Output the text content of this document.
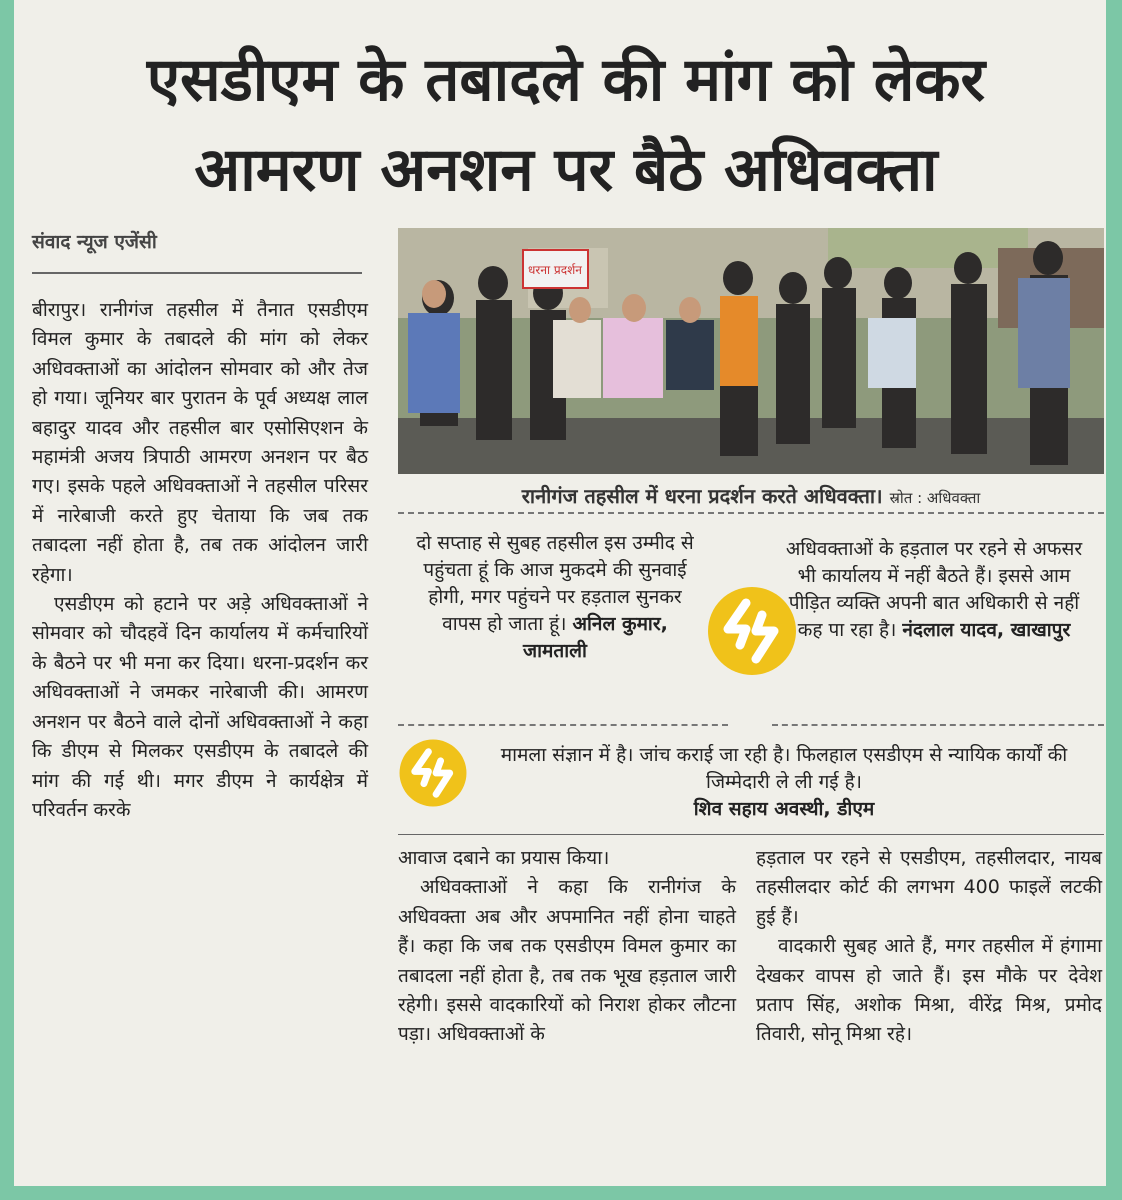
एसडीएम के तबादले की मांग को लेकर
आमरण अनशन पर बैठे अधिवक्ता
संवाद न्यूज एजेंसी

बीरापुर। रानीगंज तहसील में तैनात एसडीएम विमल कुमार के तबादले की मांग को लेकर अधिवक्ताओं का आंदोलन सोमवार को और तेज हो गया। जूनियर बार पुरातन के पूर्व अध्यक्ष लाल बहादुर यादव और तहसील बार एसोसिएशन के महामंत्री अजय त्रिपाठी आमरण अनशन पर बैठ गए। इसके पहले अधिवक्ताओं ने तहसील परिसर में नारेबाजी करते हुए चेताया कि जब तक तबादला नहीं होता है, तब तक आंदोलन जारी रहेगा।

एसडीएम को हटाने पर अड़े अधिवक्ताओं ने सोमवार को चौदहवें दिन कार्यालय में कर्मचारियों के बैठने पर भी मना कर दिया। धरना-प्रदर्शन कर अधिवक्ताओं ने जमकर नारेबाजी की। आमरण अनशन पर बैठने वाले दोनों अधिवक्ताओं ने कहा कि डीएम से मिलकर एसडीएम के तबादले की मांग की गई थी। मगर डीएम ने कार्यक्षेत्र में परिवर्तन करके

धरना प्रदर्शन
रानीगंज तहसील में धरना प्रदर्शन करते अधिवक्ता। स्रोत : अधिवक्ता
दो सप्ताह से सुबह तहसील इस उम्मीद से पहुंचता हूं कि आज मुकदमे की सुनवाई होगी, मगर पहुंचने पर हड़ताल सुनकर वापस हो जाता हूं। अनिल कुमार, जामताली
अधिवक्ताओं के हड़ताल पर रहने से अफसर भी कार्यालय में नहीं बैठते हैं। इससे आम पीड़ित व्यक्ति अपनी बात अधिकारी से नहीं कह पा रहा है। नंदलाल यादव, खाखापुर
मामला संज्ञान में है। जांच कराई जा रही है। फिलहाल एसडीएम से न्यायिक कार्यों की जिम्मेदारी ले ली गई है।
शिव सहाय अवस्थी, डीएम

आवाज दबाने का प्रयास किया।

अधिवक्ताओं ने कहा कि रानीगंज के अधिवक्ता अब और अपमानित नहीं होना चाहते हैं। कहा कि जब तक एसडीएम विमल कुमार का तबादला नहीं होता है, तब तक भूख हड़ताल जारी रहेगी। इससे वादकारियों को निराश होकर लौटना पड़ा। अधिवक्ताओं के

हड़ताल पर रहने से एसडीएम, तहसीलदार, नायब तहसीलदार कोर्ट की लगभग 400 फाइलें लटकी हुई हैं।

वादकारी सुबह आते हैं, मगर तहसील में हंगामा देखकर वापस हो जाते हैं। इस मौके पर देवेश प्रताप सिंह, अशोक मिश्रा, वीरेंद्र मिश्र, प्रमोद तिवारी, सोनू मिश्रा रहे।
